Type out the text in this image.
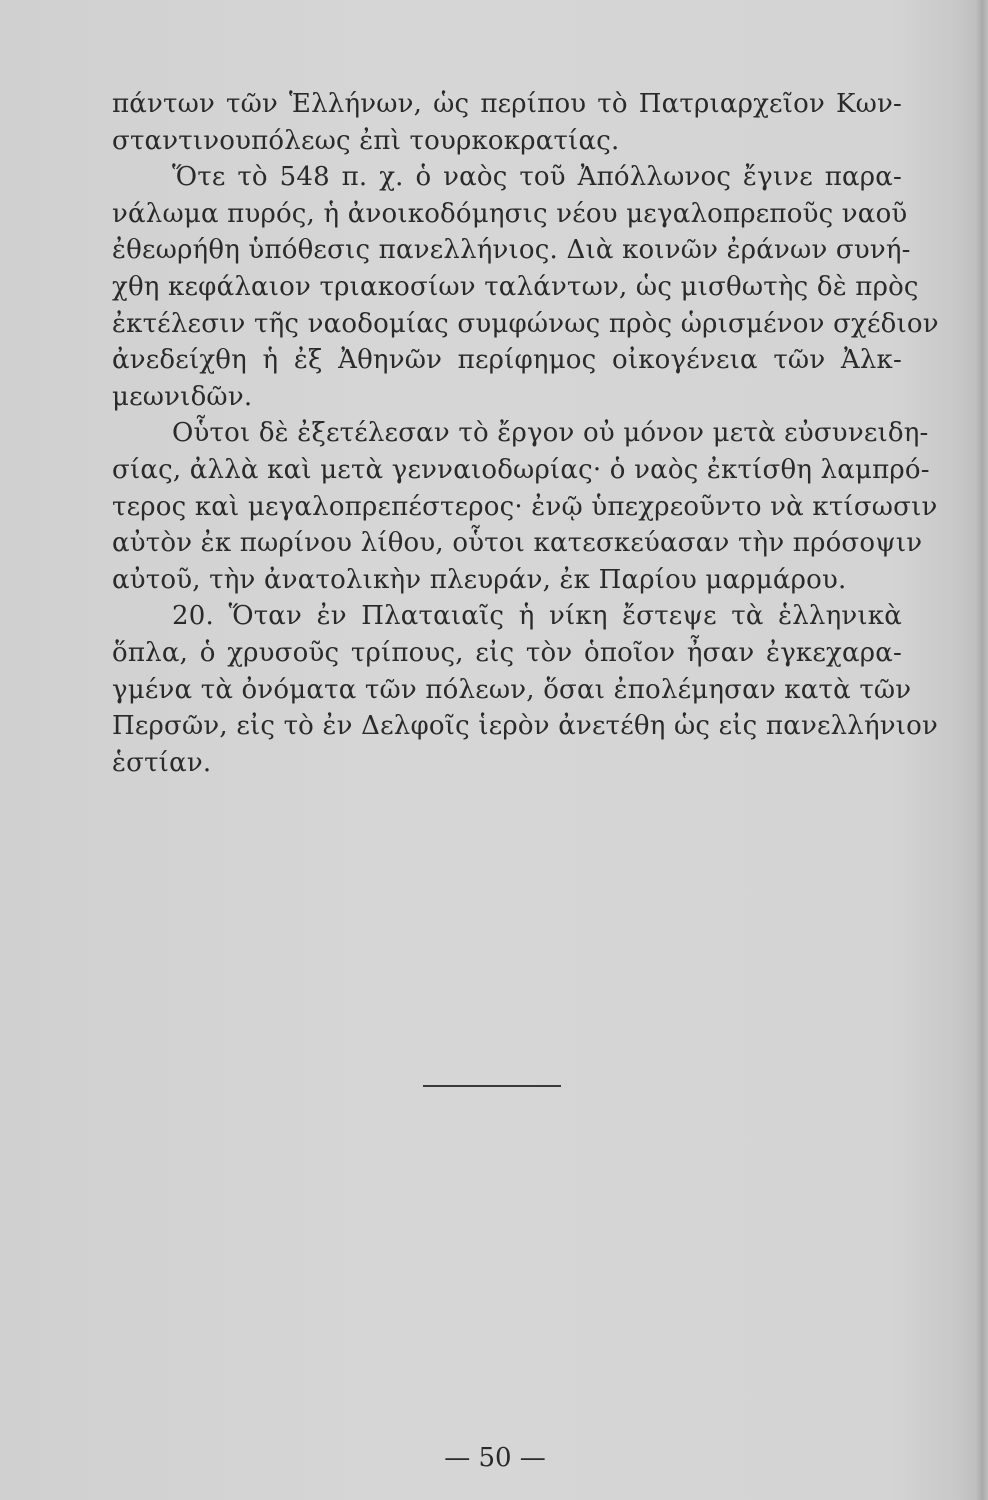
πάντων τῶν Ἑλλήνων, ὡς περίπου τὸ Πατριαρχεῖον Κων-
σταντινουπόλεως ἐπὶ τουρκοκρατίας.
Ὅτε τὸ 548 π. χ. ὁ ναὸς τοῦ Ἀπόλλωνος ἔγινε παρα-
νάλωμα πυρός, ἡ ἀνοικοδόμησις νέου μεγαλοπρεποῦς ναοῦ
ἐθεωρήθη ὑπόθεσις πανελλήνιος. Διὰ κοινῶν ἐράνων συνή-
χθη κεφάλαιον τριακοσίων ταλάντων, ὡς μισθωτὴς δὲ πρὸς
ἐκτέλεσιν τῆς ναοδομίας συμφώνως πρὸς ὡρισμένον σχέδιον
ἀνεδείχθη ἡ ἐξ Ἀθηνῶν περίφημος οἰκογένεια τῶν Ἀλκ-
μεωνιδῶν.
Οὗτοι δὲ ἐξετέλεσαν τὸ ἔργον οὐ μόνον μετὰ εὐσυνειδη-
σίας, ἀλλὰ καὶ μετὰ γενναιοδωρίας· ὁ ναὸς ἐκτίσθη λαμπρό-
τερος καὶ μεγαλοπρεπέστερος· ἐνῷ ὑπεχρεοῦντο νὰ κτίσωσιν
αὐτὸν ἐκ πωρίνου λίθου, οὗτοι κατεσκεύασαν τὴν πρόσοψιν
αὐτοῦ, τὴν ἀνατολικὴν πλευράν, ἐκ Παρίου μαρμάρου.
20. Ὅταν ἐν Πλαταιαῖς ἡ νίκη ἔστεψε τὰ ἑλληνικὰ
ὅπλα, ὁ χρυσοῦς τρίπους, εἰς τὸν ὁποῖον ἦσαν ἐγκεχαρα-
γμένα τὰ ὀνόματα τῶν πόλεων, ὅσαι ἐπολέμησαν κατὰ τῶν
Περσῶν, εἰς τὸ ἐν Δελφοῖς ἱερὸν ἀνετέθη ὡς εἰς πανελλήνιον
ἑστίαν.
— 50 —
